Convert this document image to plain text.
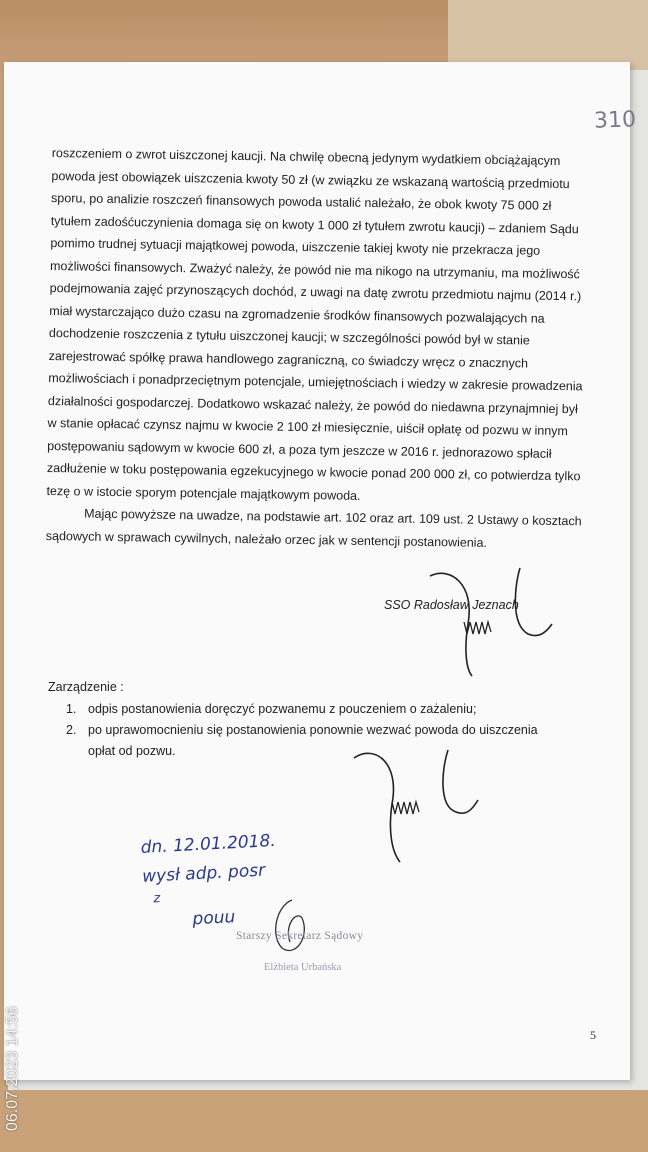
310

roszczeniem o zwrot uiszczonej kaucji. Na chwilę obecną jedynym wydatkiem obciążającym powoda jest obowiązek uiszczenia kwoty 50 zł (w związku ze wskazaną wartością przedmiotu sporu, po analizie roszczeń finansowych powoda ustalić należało, że obok kwoty 75 000 zł tytułem zadośćuczynienia domaga się on kwoty 1 000 zł tytułem zwrotu kaucji) – zdaniem Sądu pomimo trudnej sytuacji majątkowej powoda, uiszczenie takiej kwoty nie przekracza jego możliwości finansowych. Zważyć należy, że powód nie ma nikogo na utrzymaniu, ma możliwość podejmowania zajęć przynoszących dochód, z uwagi na datę zwrotu przedmiotu najmu (2014 r.) miał wystarczająco dużo czasu na zgromadzenie środków finansowych pozwalających na dochodzenie roszczenia z tytułu uiszczonej kaucji; w szczególności powód był w stanie zarejestrować spółkę prawa handlowego zagraniczną, co świadczy wręcz o znacznych możliwościach i ponadprzeciętnym potencjale, umiejętnościach i wiedzy w zakresie prowadzenia działalności gospodarczej. Dodatkowo wskazać należy, że powód do niedawna przynajmniej był w stanie opłacać czynsz najmu w kwocie 2 100 zł miesięcznie, uiścił opłatę od pozwu w innym postępowaniu sądowym w kwocie 600 zł, a poza tym jeszcze w 2016 r. jednorazowo spłacił zadłużenie w toku postępowania egzekucyjnego w kwocie ponad 200 000 zł, co potwierdza tylko tezę o w istocie sporym potencjale majątkowym powoda.

Mając powyższe na uwadze, na podstawie art. 102 oraz art. 109 ust. 2 Ustawy o kosztach sądowych w sprawach cywilnych, należało orzec jak w sentencji postanowienia.

SSO Radosław Jeznach
Zarządzenie :
1. odpis postanowienia doręczyć pozwanemu z pouczeniem o zażaleniu;
2. po uprawomocnieniu się postanowienia ponownie wezwać powoda do uiszczenia opłat od pozwu.
dn. 12.01.2018.
wysł adp. posr
z
pouu
Starszy Sekretarz Sądowy
Elżbieta Urbańska
5
06.07.2023 14:56
